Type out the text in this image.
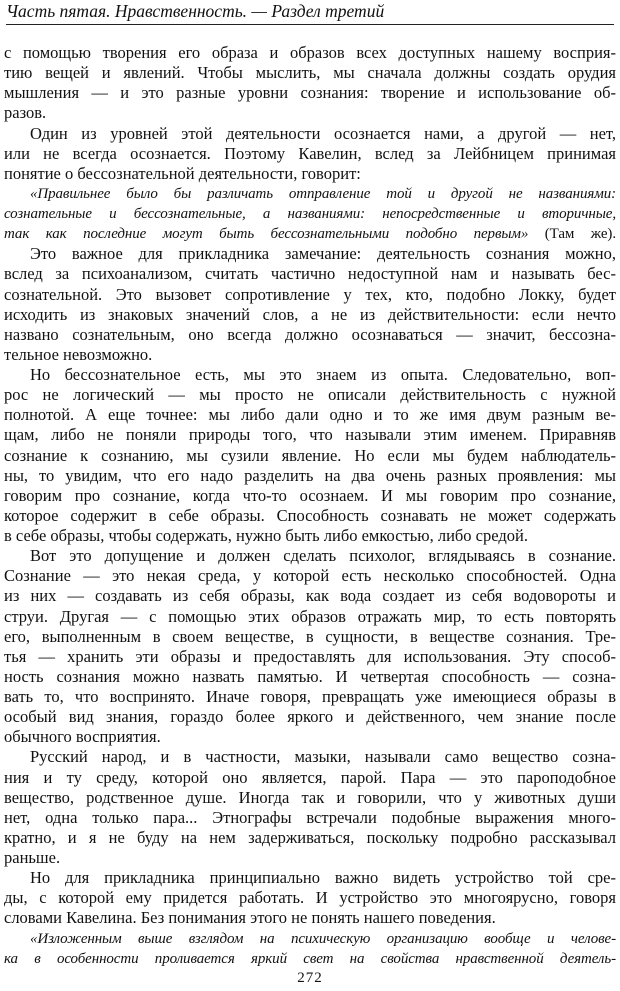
Часть пятая. Нравственность. — Раздел третий
с помощью творения его образа и образов всех доступных нашему восприя-
тию вещей и явлений. Чтобы мыслить, мы сначала должны создать орудия
мышления — и это разные уровни сознания: творение и использование об-
разов.
Один из уровней этой деятельности осознается нами, а другой — нет,
или не всегда осознается. Поэтому Кавелин, вслед за Лейбницем принимая
понятие о бессознательной деятельности, говорит:
«Правильнее было бы различать отправление той и другой не названиями:
сознательные и бессознательные, а названиями: непосредственные и вторичные,
так как последние могут быть бессознательными подобно первым» (Там же).
Это важное для прикладника замечание: деятельность сознания можно,
вслед за психоанализом, считать частично недоступной нам и называть бес-
сознательной. Это вызовет сопротивление у тех, кто, подобно Локку, будет
исходить из знаковых значений слов, а не из действительности: если нечто
названо сознательным, оно всегда должно осознаваться — значит, бессозна-
тельное невозможно.
Но бессознательное есть, мы это знаем из опыта. Следовательно, воп-
рос не логический — мы просто не описали действительность с нужной
полнотой. А еще точнее: мы либо дали одно и то же имя двум разным ве-
щам, либо не поняли природы того, что называли этим именем. Приравняв
сознание к сознанию, мы сузили явление. Но если мы будем наблюдатель-
ны, то увидим, что его надо разделить на два очень разных проявления: мы
говорим про сознание, когда что-то осознаем. И мы говорим про сознание,
которое содержит в себе образы. Способность сознавать не может содержать
в себе образы, чтобы содержать, нужно быть либо емкостью, либо средой.
Вот это допущение и должен сделать психолог, вглядываясь в сознание.
Сознание — это некая среда, у которой есть несколько способностей. Одна
из них — создавать из себя образы, как вода создает из себя водовороты и
струи. Другая — с помощью этих образов отражать мир, то есть повторять
его, выполненным в своем веществе, в сущности, в веществе сознания. Тре-
тья — хранить эти образы и предоставлять для использования. Эту способ-
ность сознания можно назвать памятью. И четвертая способность — созна-
вать то, что воспринято. Иначе говоря, превращать уже имеющиеся образы в
особый вид знания, гораздо более яркого и действенного, чем знание после
обычного восприятия.
Русский народ, и в частности, мазыки, называли само вещество созна-
ния и ту среду, которой оно является, парой. Пара — это пароподобное
вещество, родственное душе. Иногда так и говорили, что у животных души
нет, одна только пара... Этнографы встречали подобные выражения много-
кратно, и я не буду на нем задерживаться, поскольку подробно рассказывал
раньше.
Но для прикладника принципиально важно видеть устройство той сре-
ды, с которой ему придется работать. И устройство это многоярусно, говоря
словами Кавелина. Без понимания этого не понять нашего поведения.
«Изложенным выше взглядом на психическую организацию вообще и челове-
ка в особенности проливается яркий свет на свойства нравственной деятель-
272
